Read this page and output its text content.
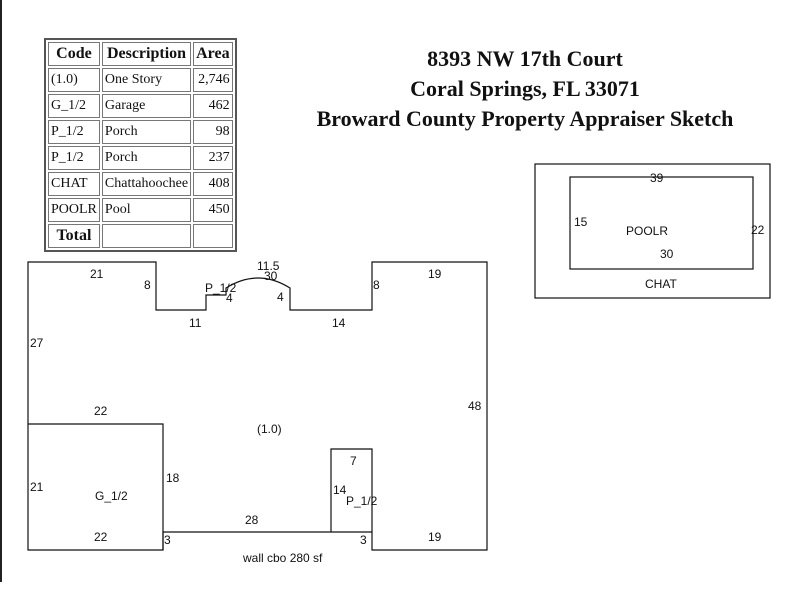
Code	Description	Area
(1.0)	One Story	2,746
G_1/2	Garage	462
P_1/2	Porch	98
P_1/2	Porch	237
CHAT	Chattahoochee	408
POOLR	Pool	450
Total		
8393 NW 17th Court
Coral Springs, FL 33071
Broward County Property Appraiser Sketch
21
8
11
P_1/2
4
11.5
30
4
14
8
19
27
48
(1.0)
22
21
18
22
G_1/2
3
28
3	19
wall cbo 280 sf
7
14
P_1/2
39
15
22
POOLR
30
CHAT
